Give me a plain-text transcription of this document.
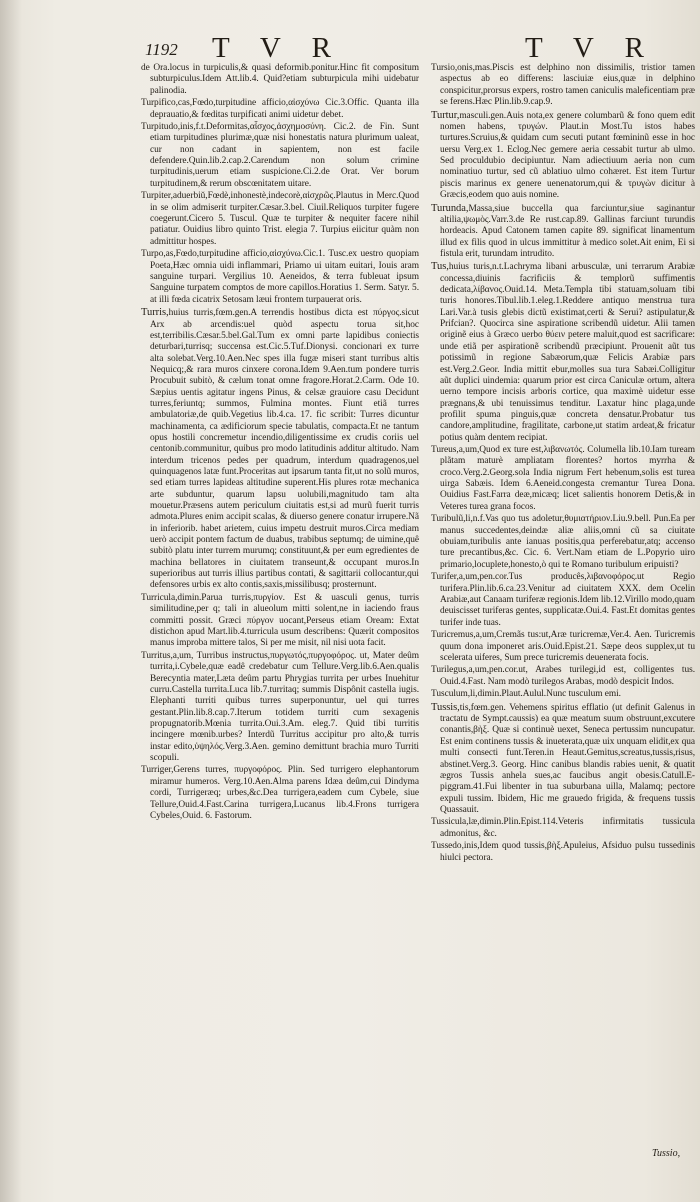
1192 T V R	T V R

de Ora.locus in turpiculis,& quasi deformib.ponitur.Hinc fit compositum subturpiculus.Idem Att.lib.4. Quid?etiam subturpicula mihi uidebatur palinodia.

Turpifico,cas,Fœdo,turpitudine afficio,αἰσχύνω Cic.3.Offic. Quanta illa deprauatio,& fœditas turpificati animi uidetur debet.

Turpitudo,inis,f.t.Deformitas,αἶσχος,ἀσχημοσύνη. Cic.2. de Fin. Sunt etiam turpitudines plurimæ,quæ nisi honestatis natura plurimum ualeat, cur non cadant in sapientem, non est facile defendere.Quin.lib.2.cap.2.Carendum non solum crimine turpitudinis,uerum etiam suspicione.Ci.2.de Orat. Ver borum turpitudinem,& rerum obscœnitatem uitare.

Turpiter,aduerbiŭ,Fœdè,inhonestè,indecorè,αἰσχρῶς.Plautus in Merc.Quod in se olim admiserit turpiter.Cæsar.3.bel. Ciuil.Reliquos turpiter fugere coegerunt.Cicero 5. Tuscul. Quæ te turpiter & nequiter facere nihil patiatur. Ouidius libro quinto Trist. elegia 7. Turpius eiicitur quàm non admittitur hospes.

Turpo,as,Fœdo,turpitudine afficio,αἰσχύνω.Cic.1. Tusc.ex uestro quopiam Poeta,Hæc omnia uidi inflammari, Priamo ui uitam euitari, Iouis aram sanguine turpari. Vergilius 10. Aeneidos, & terra fubleuat ipsum Sanguine turpatem comptos de more capillos.Horatius 1. Serm. Satyr. 5. at illi fœda cicatrix Setosam læui frontem turpauerat oris.

Turris,huius turris,fœm.gen.A terrendis hostibus dicta est πύργος.sicut Arx ab arcendis:uel quòd aspectu torua sit,hoc est,terribilis.Cæsar.5.bel.Gal.Tum ex omni parte lapidibus coniectis deturbari,turrisq; succensa est.Cic.5.Tuf.Dionysi. concionari ex turre alta solebat.Verg.10.Aen.Nec spes illa fugæ miseri stant turribus altis Nequicq;,& rara muros cinxere corona.Idem 9.Aen.tum pondere turris Procubuit subitò, & cælum tonat omne fragore.Horat.2.Carm. Ode 10. Sæpius uentis agitatur ingens Pinus, & celsæ grauiore casu Decidunt turres,feriuntq; summos, Fulmina montes. Fiunt etiã turres ambulatoriæ,de quib.Vegetius lib.4.ca. 17. fic scribit: Turres dicuntur machinamenta, ca ædificiorum specie tabulatis, compacta.Et ne tantum opus hostili concremetur incendio,diligentissime ex crudis coriis uel centonib.communitur, quibus pro modo latitudinis additur altitudo. Nam interdum tricenos pedes per quadrum, interdum quadragenos,uel quinquagenos latæ funt.Proceritas aut ipsarum tanta fit,ut no solũ muros, sed etiam turres lapideas altitudine superent.His plures rotæ mechanica arte subduntur, quarum lapsu uolubili,magnitudo tam alta mouetur.Præsens autem periculum ciuitatis est,si ad murũ fuerit turris admota.Plures enim accipit scalas, & diuerso genere conatur irrupere.Nã in inferiorib. habet arietem, cuius impetu destruit muros.Circa mediam uerò accipit pontem factum de duabus, trabibus septumq; de uimine,quê subitò platu inter turrem murumq; constituunt,& per eum egredientes de machina bellatores in ciuitatem transeunt,& occupant muros.In superioribus aut turris illius partibus contati, & sagittarii collocantur,qui defensores urbis ex alto contis,saxis,missilibusq; prosternunt.

Turricula,dimin.Parua turris,πυργίον. Est & uasculi genus, turris similitudine,per q; tali in alueolum mitti solent,ne in iaciendo fraus committi possit. Græci πύργον uocant,Perseus etiam Oream: Extat distichon apud Mart.lib.4.turricula usum describens: Quærit compositos manus improba mittere talos, Si per me misit, nil nisi uota facit.

Turritus,a,um, Turribus instructus,πυργωτός,πυργοφόρος. ut, Mater deûm turrita,i.Cybele,quæ eadê credebatur cum Tellure.Verg.lib.6.Aen.qualis Berecyntia mater,Læta deûm partu Phrygias turrita per urbes Inuehitur curru.Castella turrita.Luca lib.7.turritaq; summis Dispônit castella iugis. Elephanti turriti quibus turres superponuntur, uel qui turres gestant.Plin.lib.8.cap.7.Iterum totidem turriti cum sexagenis propugnatorib.Mœnia turrita.Oui.3.Am. eleg.7. Quid tibi turritis incingere mœnib.urbes? Interdũ Turritus accipitur pro alto,& turris instar edito,ὑψηλός.Verg.3.Aen. gemino demittunt brachia muro Turriti scopuli.

Turriger,Gerens turres, πυργοφόρος. Plin. Sed turrigero elephantorum miramur humeros. Verg.10.Aen.Alma parens Idæa deûm,cui Dindyma cordi, Turrigeræq; urbes,&c.Dea turrigera,eadem cum Cybele, siue Tellure,Ouid.4.Fast.Carina turrigera,Lucanus lib.4.Frons turrigera Cybeles,Ouid. 6. Fastorum.

Tursio,onis,mas.Piscis est delphino non dissimilis, tristior tamen aspectus ab eo differens: lasciuiæ eius,quæ in delphino conspicitur,prorsus expers, rostro tamen caniculis maleficentiam præ se ferens.Hæc Plin.lib.9.cap.9.

Turtur,masculi.gen.Auis nota,ex genere columbarũ & fono quem edit nomen habens, τρυγών. Plaut.in Most.Tu istos habes turtures.Scruius,& quidam cum secuti putant fœmininũ esse in hoc uersu Verg.ex 1. Eclog.Nec gemere aeria cessabit turtur ab ulmo. Sed proculdubio decipiuntur. Nam adiectiuum aeria non cum nominatiuo turtur, sed cũ ablatiuo ulmo cohæret. Est item Turtur piscis marinus ex genere uenenatorum,qui & τρυγὼν dicitur à Græcis,eodem quo auis nomine.

Turunda,Massa,siue buccella qua farciuntur,siue saginantur altilia,ψωμὸς.Varr.3.de Re rust.cap.89. Gallinas farciunt turundis hordeacis. Apud Catonem tamen capite 89. significat linamentum illud ex filis quod in ulcus immittitur à medico solet.Ait enim, Ei si fistula erit, turundam intrudito.

Tus,huius turis,n.t.Lachryma libani arbusculæ, uni terrarum Arabiæ concessa,diuinis facrificiis & templorũ suffimentis dedicata,λίβανος.Ouid.14. Meta.Templa tibi statuam,soluam tibi turis honores.Tibul.lib.1.eleg.1.Reddere antiquo menstrua tura Lari.Var.à tusis glebis dictũ existimat,certi & Serui? astipulatur,& Prifcian?. Quocirca sine aspiratione scribendũ uidetur. Alii tamen originẽ eius à Græco uerbo θύειν petere maluit,quod est sacrificare: unde etiã per aspirationẽ scribendũ præcipiunt. Prouenit aũt tus potissimũ in regione Sabæorum,quæ Felicis Arabiæ pars est.Verg.2.Geor. India mittit ebur,molles sua tura Sabæi.Colligitur aũt duplici uindemia: quarum prior est circa Caniculæ ortum, altera uerno tempore incisis arboris cortice, qua maximè uidetur esse prægnans,& ubi tenuissimus tenditur. Laxatur hinc plaga,unde profilit spuma pinguis,quæ concreta densatur.Probatur tus candore,amplitudine, fragilitate, carbone,ut statim ardeat,& fricatur potius quàm dentem recipiat.

Tureus,a,um,Quod ex ture est,λιβανωτός. Columella lib.10.Iam tuream plãtam maturè ampliatam florentes? hortos myrrha & croco.Verg.2.Georg.sola India nigrum Fert hebenum,solis est turea uirga Sabæis. Idem 6.Aeneid.congesta cremantur Turea Dona. Ouidius Fast.Farra deæ,micæq; licet salientis honorem Detis,& in Veteres turea grana focos.

Turibulũ,li,n.f.Vas quo tus adoletur,θυμιατήριον.Liu.9.bell. Pun.Ea per manus succedentes,deindæ aliæ aliis,omni cũ sa ciuitate obuiam,turibulis ante ianuas positis,qua perferebatur,atq; accenso ture precantibus,&c. Cic. 6. Vert.Nam etiam de L.Popyrio uiro primario,locuplete,honesto,ò qui te Romano turibulum eripuisti?

Turifer,a,um,pen.cor.Tus producês,λιβανοφόρος.ut Regio turifera.Plin.lib.6.ca.23.Venitur ad ciuitatem XXX. dem Ocelin Arabiæ,aut Canaam turiferæ regionis.Idem lib.12.Virillo modo,quam deuiscisset turiferas gentes, supplicatæ.Oui.4. Fast.Et domitas gentes turifer inde tuas.

Turicremus,a,um,Cremãs tus:ut,Aræ turicremæ,Ver.4. Aen. Turicremis quum dona imponeret aris.Ouid.Epist.21. Sæpe deos supplex,ut tu scelerata uiferes, Sum prece turicremis deuenerata focis.

Turilegus,a,um,pen.cor.ut, Arabes turilegi,id est, colligentes tus. Ouid.4.Fast. Nam modò turilegos Arabas, modò despicit Indos.

Tusculum,li,dimin.Plaut.Aulul.Nunc tusculum emi.

Tussis,tis,fœm.gen. Vehemens spiritus efflatio (ut definit Galenus in tractatu de Sympt.caussis) ea quæ meatum suum obstruunt,excutere conantis,βὴξ. Quæ si continuè uexet, Seneca pertussim nuncupatur. Est enim continens tussis & inueterata,quæ uix unquam elidit,ex qua multi consecti funt.Teren.in Heaut.Gemitus,screatus,tussis,risus, abstinet.Verg.3. Georg. Hinc canibus blandis rabies uenit, & quatit ægros Tussis anhela sues,ac faucibus angit obesis.Catull.E-piggram.41.Fui libenter in tua suburbana uilla, Malamq; pectore expuli tussim. Ibidem, Hic me grauedo frigida, & frequens tussis Quassauit.

Tussicula,læ,dimin.Plin.Epist.114.Veteris infirmitatis tussicula admonitus, &c.

Tussedo,inis,Idem quod tussis,βὴξ.Apuleius, Afsiduo pulsu tussedinis hiulci pectora.

Tussio,
